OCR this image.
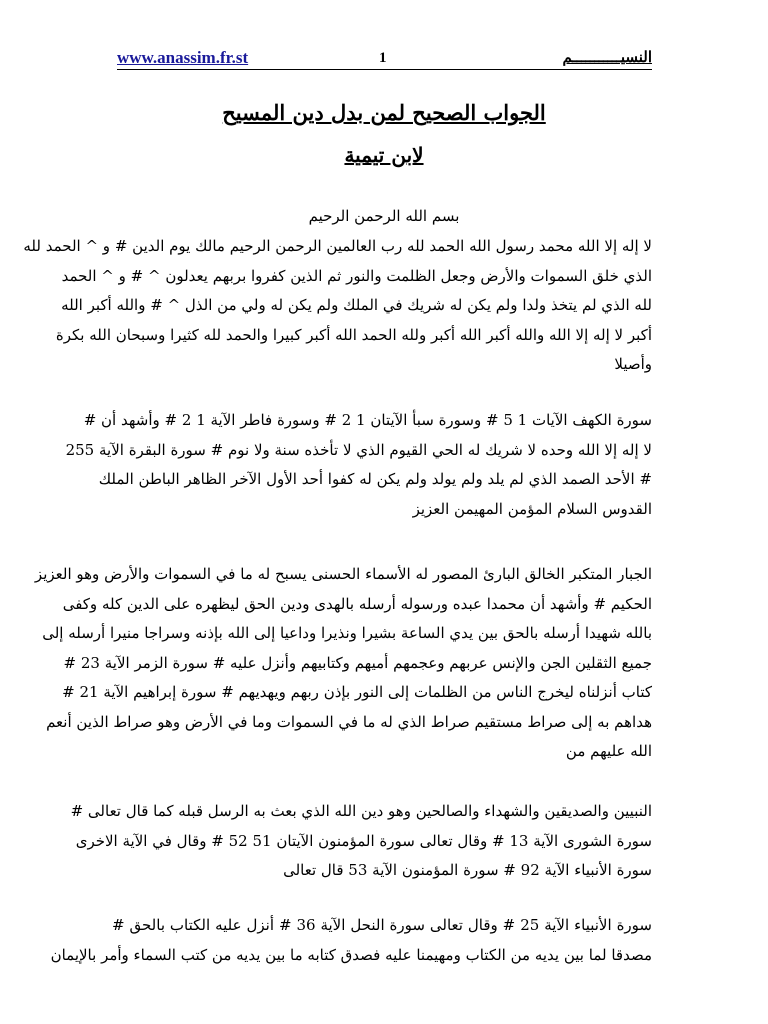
www.anassim.fr.st	1	النسيـــــــــــم
الجواب الصحيح لمن بدل دين المسيح
لابن تيمية
بسم الله الرحمن الرحيم
لا إله إلا الله محمد رسول الله الحمد لله رب العالمين الرحمن الرحيم مالك يوم الدين # و ^ الحمد لله
الذي خلق السموات والأرض وجعل الظلمت والنور ثم الذين كفروا بربهم يعدلون ^ # و ^ الحمد
لله الذي لم يتخذ ولدا ولم يكن له شريك في الملك ولم يكن له ولي من الذل ^ # والله أكبر الله
أكبر لا إله إلا الله والله أكبر الله أكبر ولله الحمد الله أكبر كبيرا والحمد لله كثيرا وسبحان الله بكرة
وأصيلا
سورة الكهف الآيات 1 5 # وسورة سبأ الآيتان 1 2 # وسورة فاطر الآية 1 2 # وأشهد أن #
لا إله إلا الله وحده لا شريك له الحي القيوم الذي لا تأخذه سنة ولا نوم # سورة البقرة الآية 255
# الأحد الصمد الذي لم يلد ولم يولد ولم يكن له كفوا أحد الأول الآخر الظاهر الباطن الملك
القدوس السلام المؤمن المهيمن العزيز
الجبار المتكبر الخالق البارئ المصور له الأسماء الحسنى يسبح له ما في السموات والأرض وهو العزيز
الحكيم # وأشهد أن محمدا عبده ورسوله أرسله بالهدى ودين الحق ليظهره على الدين كله وكفى
بالله شهيدا أرسله بالحق بين يدي الساعة بشيرا ونذيرا وداعيا إلى الله بإذنه وسراجا منيرا أرسله إلى
جميع الثقلين الجن والإنس عربهم وعجمهم أميهم وكتابيهم وأنزل عليه # سورة الزمر الآية 23 #
كتاب أنزلناه ليخرج الناس من الظلمات إلى النور بإذن ربهم ويهديهم # سورة إبراهيم الآية 21 #
هداهم به إلى صراط مستقيم صراط الذي له ما في السموات وما في الأرض وهو صراط الذين أنعم
الله عليهم من
النبيين والصديقين والشهداء والصالحين وهو دين الله الذي بعث به الرسل قبله كما قال تعالى #
سورة الشورى الآية 13 # وقال تعالى سورة المؤمنون الآيتان 51 52 # وقال في الآية الاخرى
سورة الأنبياء الآية 92 # سورة المؤمنون الآية 53 قال تعالى
سورة الأنبياء الآية 25 # وقال تعالى سورة النحل الآية 36 # أنزل عليه الكتاب بالحق #
مصدقا لما بين يديه من الكتاب ومهيمنا عليه فصدق كتابه ما بين يديه من كتب السماء وأمر بالإيمان
